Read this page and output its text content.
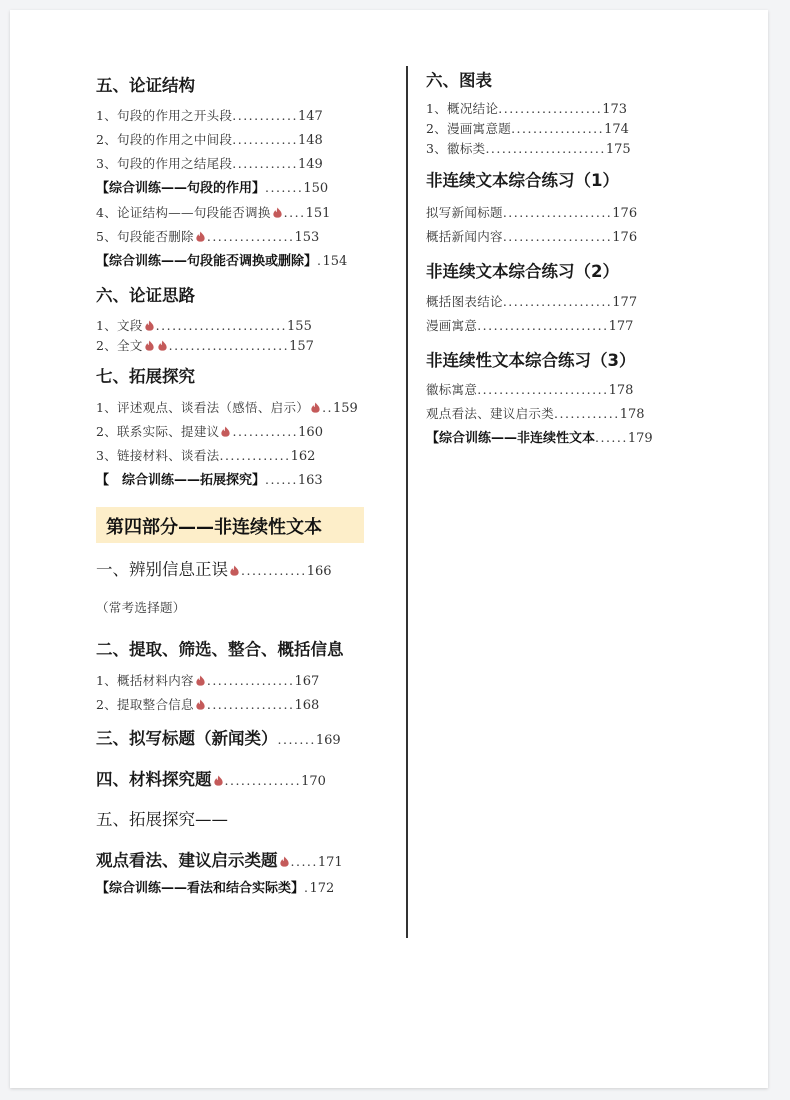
五、论证结构
1、句段的作用之开头段............147
2、句段的作用之中间段............148
3、句段的作用之结尾段............149
【综合训练——句段的作用】.......150
4、论证结构——句段能否调换 ....151
5、句段能否删除 ................153
【综合训练——句段能否调换或删除】.154
六、论证思路
1、文段 ........................155
2、全文 ......................157
七、拓展探究
1、评述观点、谈看法（感悟、启示） ..159
2、联系实际、提建议 ............160
3、链接材料、谈看法.............162
【　综合训练——拓展探究】......163
第四部分——非连续性文本
一、辨别信息正误 ............166
（常考选择题）
二、提取、筛选、整合、概括信息
1、概括材料内容 ................167
2、提取整合信息 ................168
三、拟写标题（新闻类）.......169
四、材料探究题 ..............170
五、拓展探究——
观点看法、建议启示类题 .....171
【综合训练——看法和结合实际类】.172
六、图表
1、概况结论...................173
2、漫画寓意题.................174
3、徽标类......................175
非连续文本综合练习（1）
拟写新闻标题....................176
概括新闻内容....................176
非连续文本综合练习（2）
概括图表结论....................177
漫画寓意........................177
非连续性文本综合练习（3）
徽标寓意........................178
观点看法、建议启示类............178
【综合训练——非连续性文本......179
